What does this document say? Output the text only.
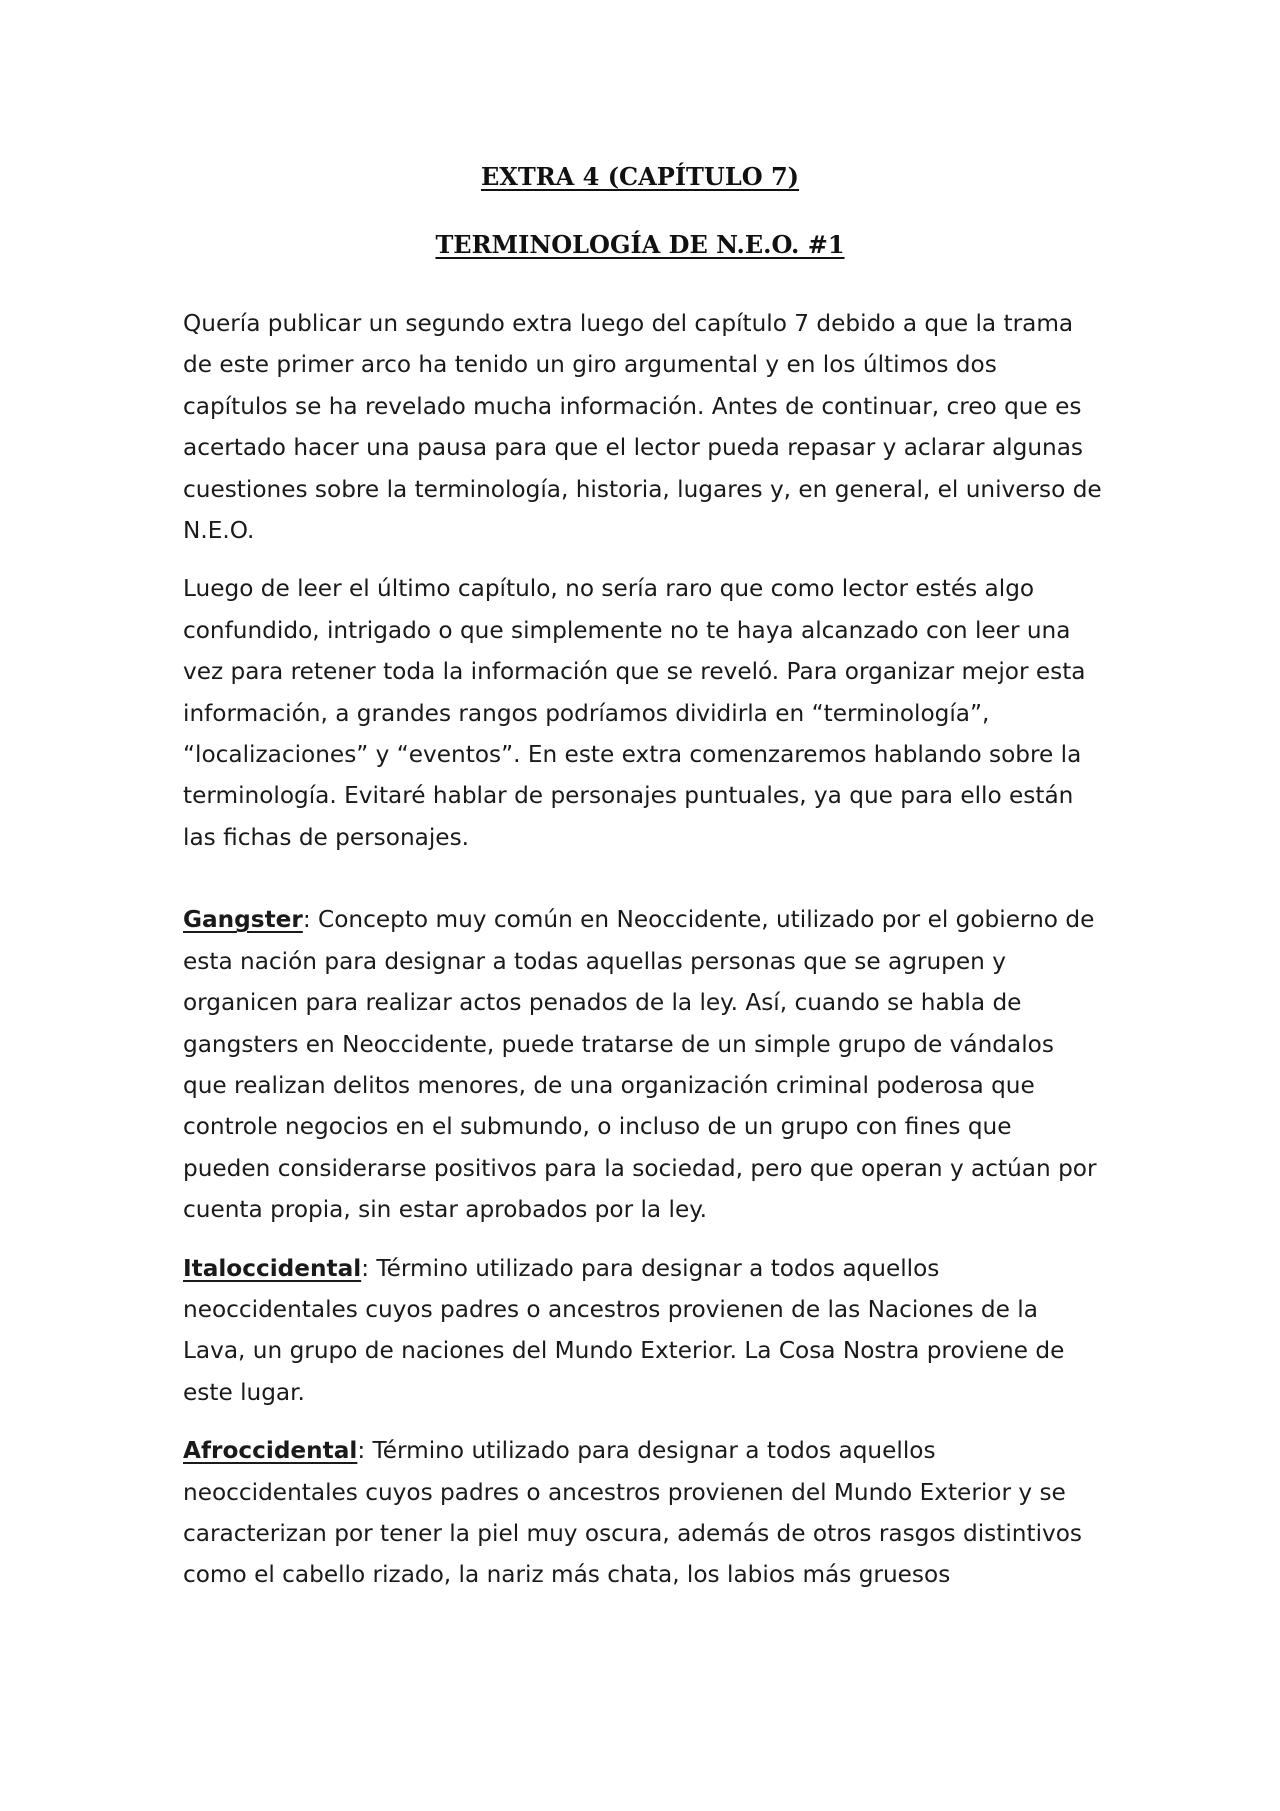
EXTRA 4 (CAPÍTULO 7)
TERMINOLOGÍA DE N.E.O. #1

Quería publicar un segundo extra luego del capítulo 7 debido a que la trama de este primer arco ha tenido un giro argumental y en los últimos dos capítulos se ha revelado mucha información. Antes de continuar, creo que es acertado hacer una pausa para que el lector pueda repasar y aclarar algunas cuestiones sobre la terminología, historia, lugares y, en general, el universo de N.E.O.

Luego de leer el último capítulo, no sería raro que como lector estés algo confundido, intrigado o que simplemente no te haya alcanzado con leer una vez para retener toda la información que se reveló. Para organizar mejor esta información, a grandes rangos podríamos dividirla en “terminología”, “localizaciones” y “eventos”. En este extra comenzaremos hablando sobre la terminología. Evitaré hablar de personajes puntuales, ya que para ello están las fichas de personajes.

Gangster: Concepto muy común en Neoccidente, utilizado por el gobierno de esta nación para designar a todas aquellas personas que se agrupen y organicen para realizar actos penados de la ley. Así, cuando se habla de gangsters en Neoccidente, puede tratarse de un simple grupo de vándalos que realizan delitos menores, de una organización criminal poderosa que controle negocios en el submundo, o incluso de un grupo con fines que pueden considerarse positivos para la sociedad, pero que operan y actúan por cuenta propia, sin estar aprobados por la ley.

Italoccidental: Término utilizado para designar a todos aquellos neoccidentales cuyos padres o ancestros provienen de las Naciones de la Lava, un grupo de naciones del Mundo Exterior. La Cosa Nostra proviene de este lugar.

Afroccidental: Término utilizado para designar a todos aquellos neoccidentales cuyos padres o ancestros provienen del Mundo Exterior y se caracterizan por tener la piel muy oscura, además de otros rasgos distintivos como el cabello rizado, la nariz más chata, los labios más gruesos
